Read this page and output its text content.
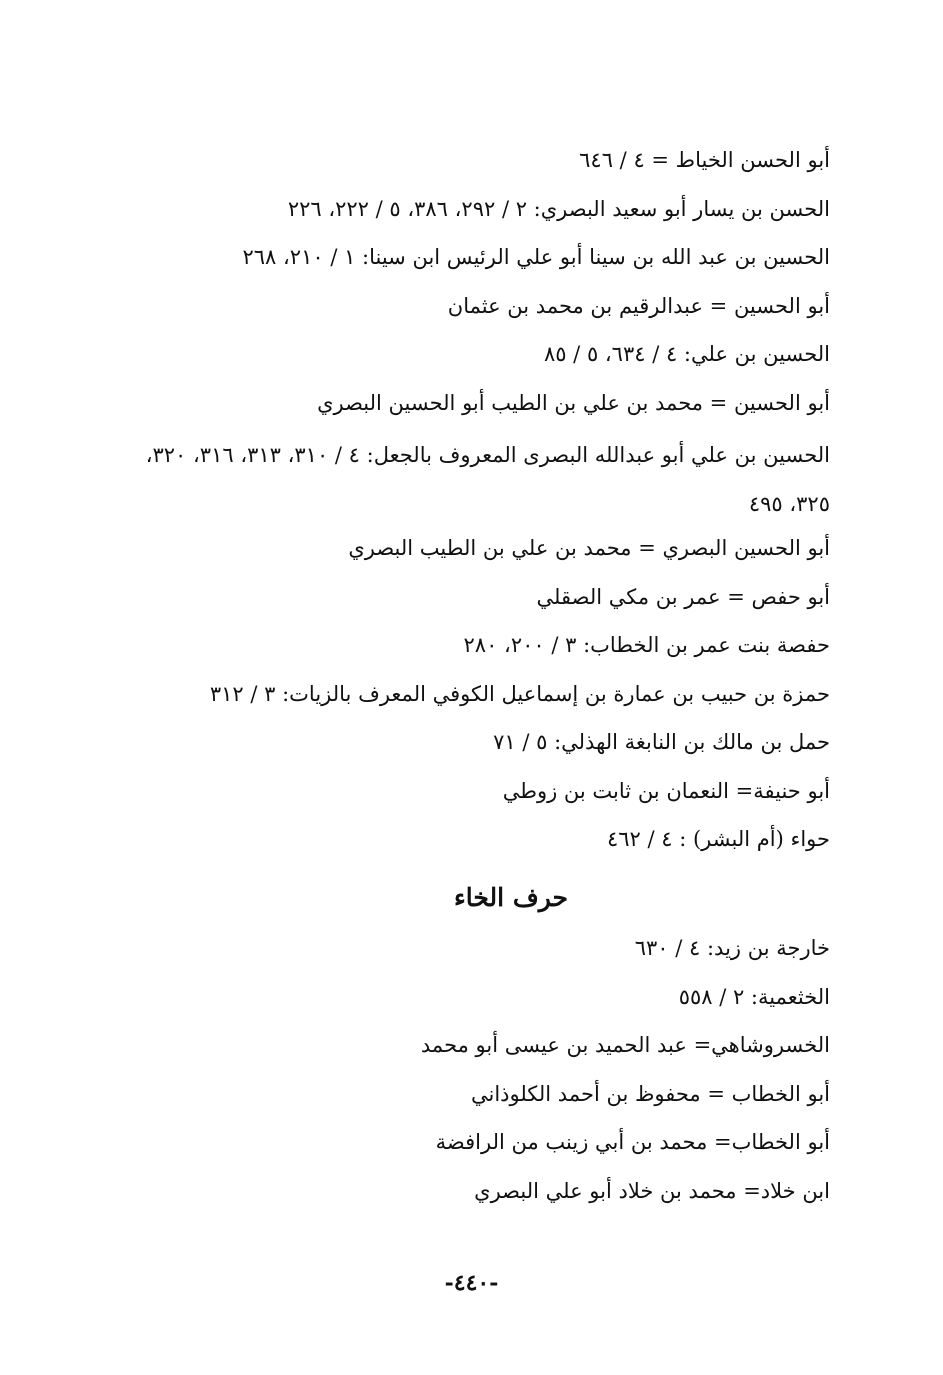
أبو الحسن الخياط = ٤ / ٦٤٦
الحسن بن يسار أبو سعيد البصري: ٢ / ٢٩٢، ٣٨٦، ٥ / ٢٢٢، ٢٢٦
الحسين بن عبد الله بن سينا أبو علي الرئيس ابن سينا: ١ / ٢١٠، ٢٦٨
أبو الحسين = عبدالرقيم بن محمد بن عثمان
الحسين بن علي: ٤ / ٦٣٤، ٥ / ٨٥
أبو الحسين = محمد بن علي بن الطيب أبو الحسين البصري
الحسين بن علي أبو عبدالله البصرى المعروف بالجعل: ٤ / ٣١٠، ٣١٣، ٣١٦، ٣٢٠، ٣٢٥، ٤٩٥
أبو الحسين البصري = محمد بن علي بن الطيب البصري
أبو حفص = عمر بن مكي الصقلي
حفصة بنت عمر بن الخطاب: ٣ / ٢٠٠، ٢٨٠
حمزة بن حبيب بن عمارة بن إسماعيل الكوفي المعرف بالزيات: ٣ / ٣١٢
حمل بن مالك بن النابغة الهذلي: ٥ / ٧١
أبو حنيفة= النعمان بن ثابت بن زوطي
حواء (أم البشر) : ٤ / ٤٦٢
حرف الخاء
خارجة بن زيد: ٤ / ٦٣٠
الخثعمية: ٢ / ٥٥٨
الخسروشاهي= عبد الحميد بن عيسى أبو محمد
أبو الخطاب = محفوظ بن أحمد الكلوذاني
أبو الخطاب= محمد بن أبي زينب من الرافضة
ابن خلاد= محمد بن خلاد أبو علي البصري
-٤٤٠-
